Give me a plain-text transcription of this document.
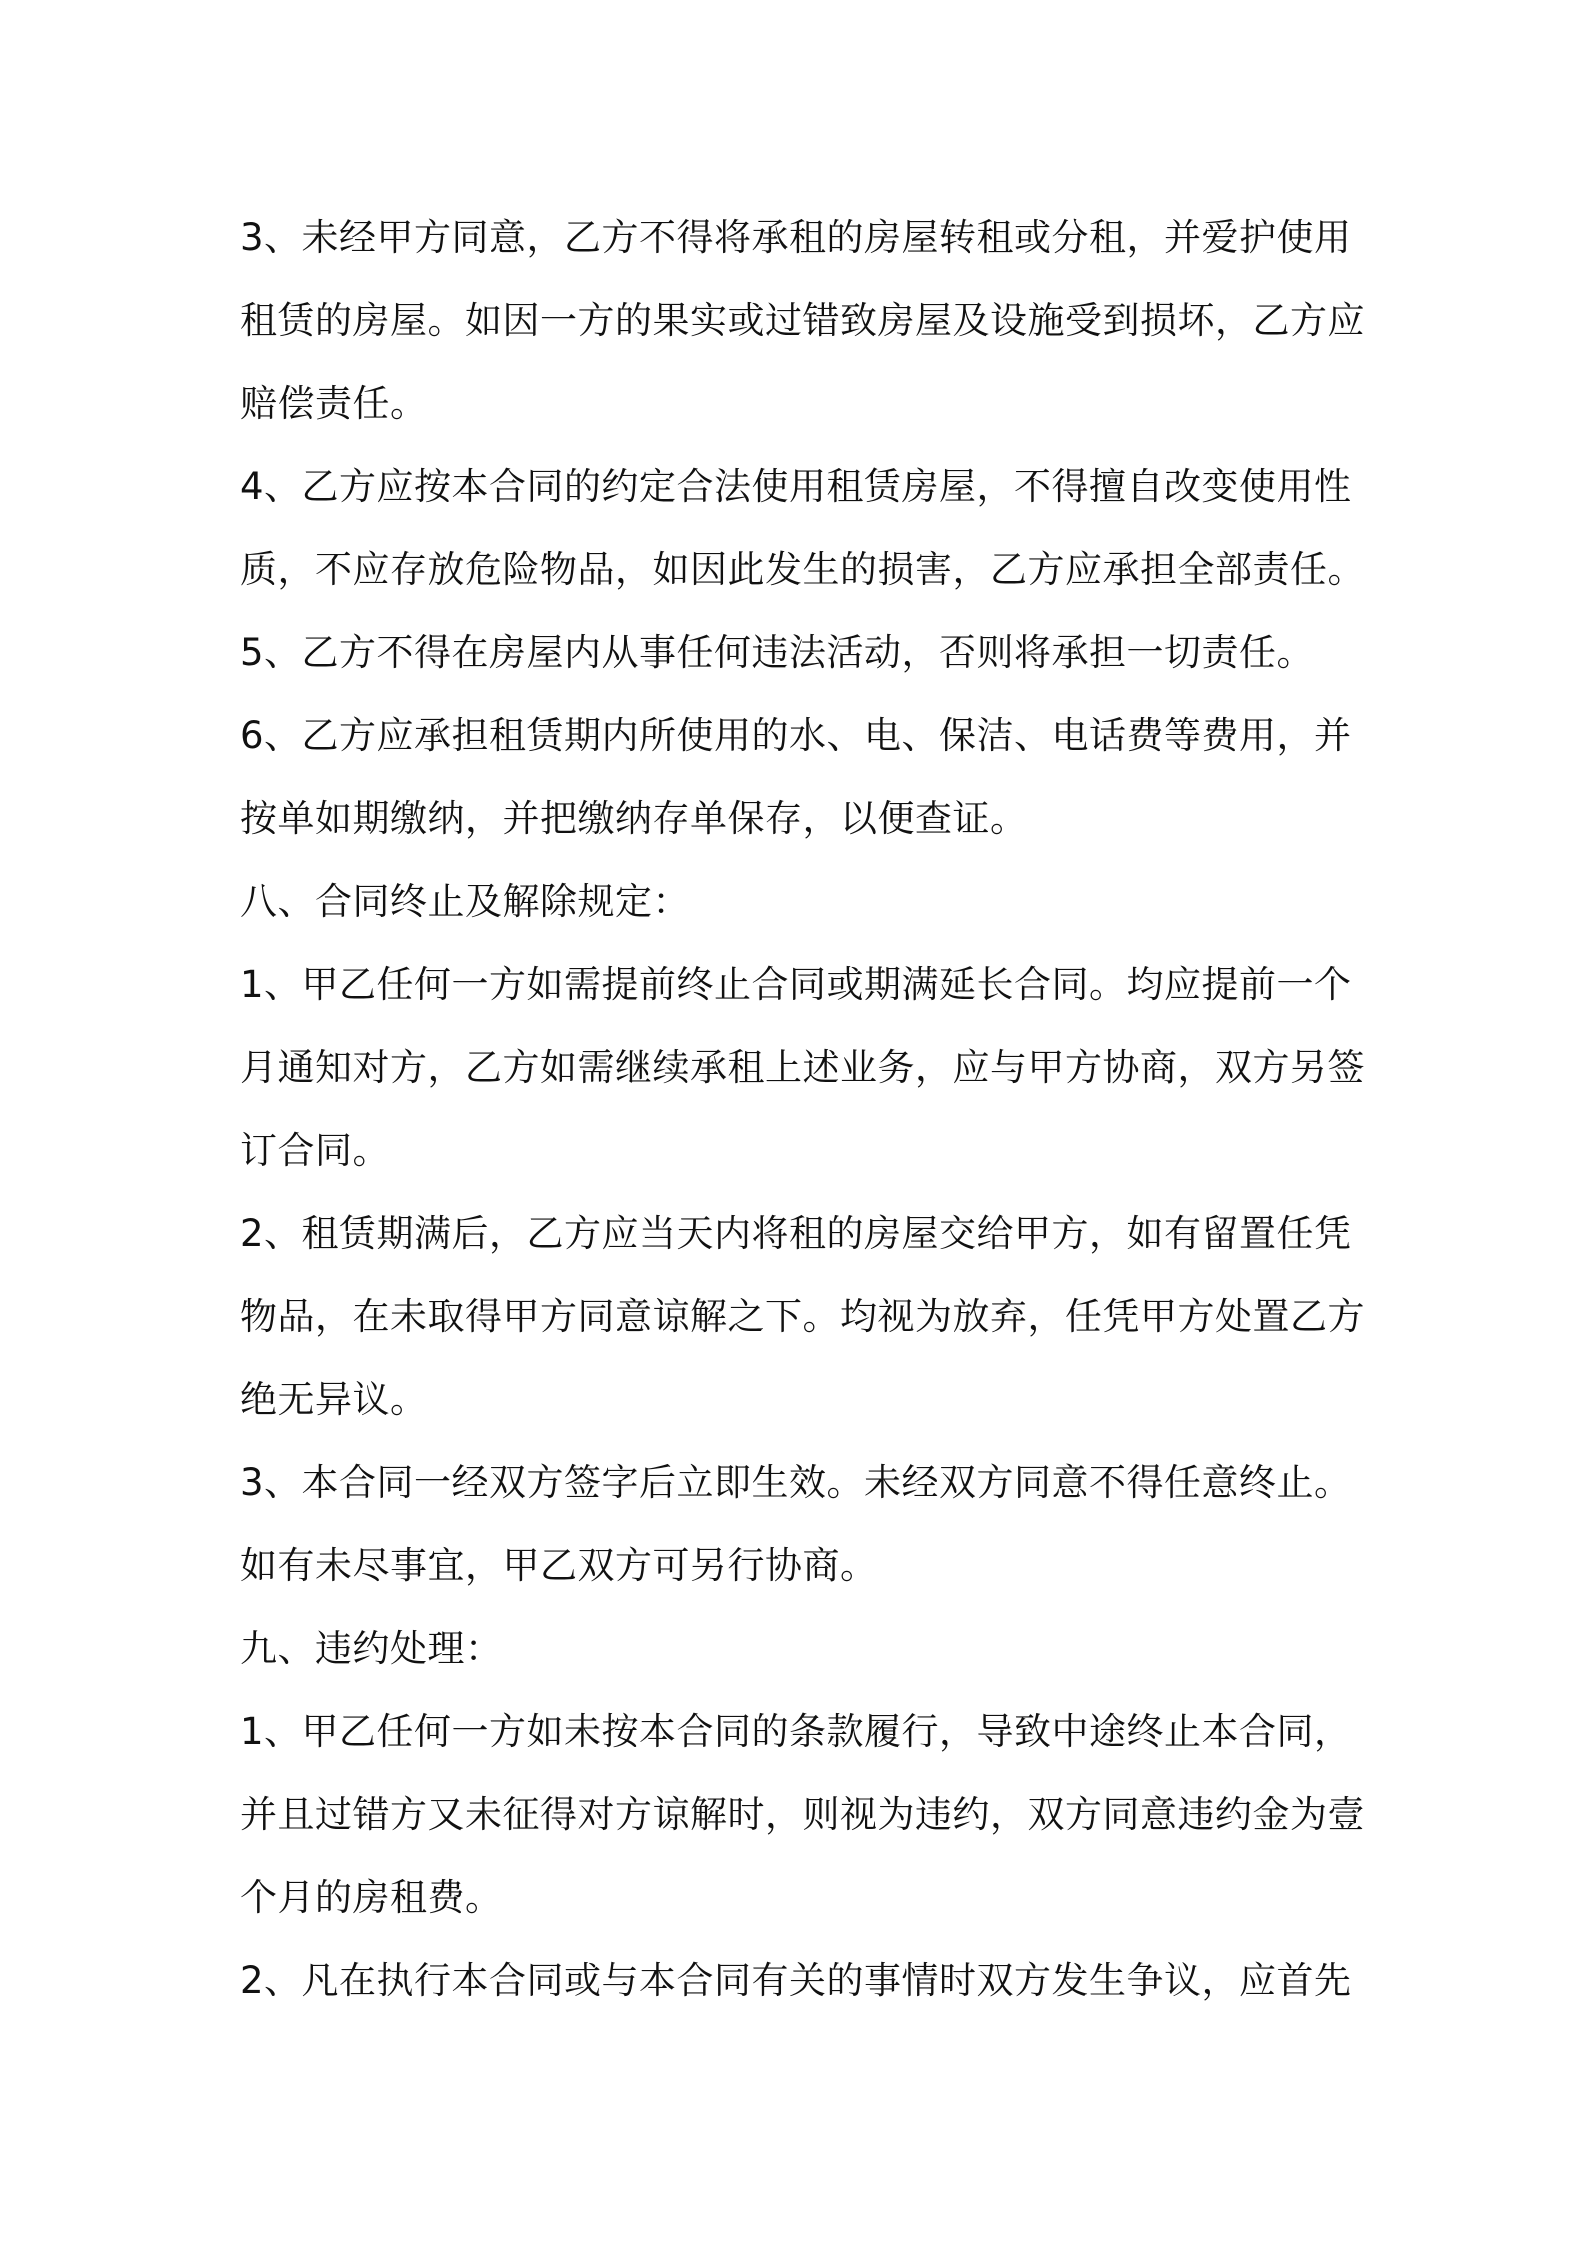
3、未经甲方同意，乙方不得将承租的房屋转租或分租，并爱护使用
租赁的房屋。如因一方的果实或过错致房屋及设施受到损坏，乙方应
赔偿责任。
4、乙方应按本合同的约定合法使用租赁房屋，不得擅自改变使用性
质，不应存放危险物品，如因此发生的损害，乙方应承担全部责任。
5、乙方不得在房屋内从事任何违法活动，否则将承担一切责任。
6、乙方应承担租赁期内所使用的水、电、保洁、电话费等费用，并
按单如期缴纳，并把缴纳存单保存，以便查证。
八、合同终止及解除规定：
1、甲乙任何一方如需提前终止合同或期满延长合同。均应提前一个
月通知对方，乙方如需继续承租上述业务，应与甲方协商，双方另签
订合同。
2、租赁期满后，乙方应当天内将租的房屋交给甲方，如有留置任凭
物品，在未取得甲方同意谅解之下。均视为放弃，任凭甲方处置乙方
绝无异议。
3、本合同一经双方签字后立即生效。未经双方同意不得任意终止。
如有未尽事宜，甲乙双方可另行协商。
九、违约处理：
1、甲乙任何一方如未按本合同的条款履行，导致中途终止本合同，
并且过错方又未征得对方谅解时，则视为违约，双方同意违约金为壹
个月的房租费。
2、凡在执行本合同或与本合同有关的事情时双方发生争议，应首先
